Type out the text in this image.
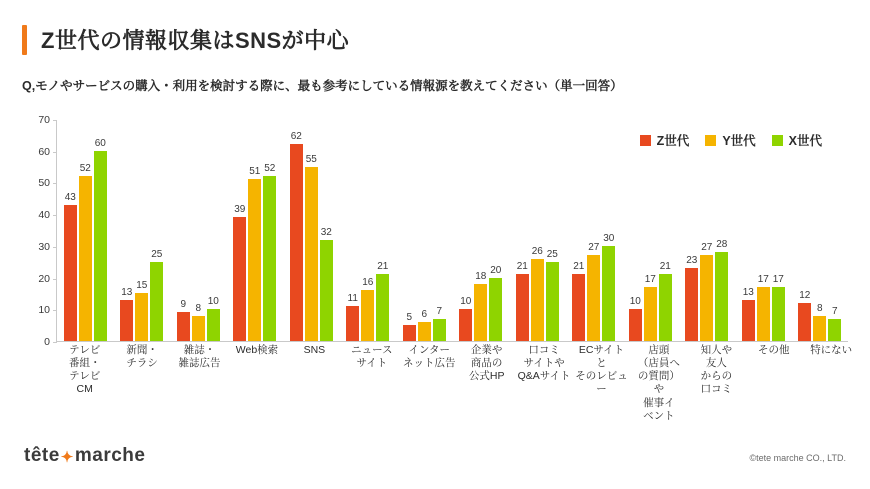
Z世代の情報収集はSNSが中心
Q,モノやサービスの購入・利用を検討する際に、最も参考にしている情報源を教えてください（単一回答）
Z世代	Y世代	X世代
0
10
20
30
40
50
60
70
43
52
60
13
15
25
9 8
10
39
51 52
62
55
32
11
16
21
5 6 7
10
18
20 21
26 25
21
27
30
10
17
21
23
27 28
13
17 17
12
8 7
テレビ
番組・
テレビ
CM
新聞・
チラシ
雑誌・
雑誌広告
Web検索	SNS	ニュース
サイト
インター
ネット広告
企業や
商品の
公式HP
口コミ
サイトや
Q&Aサイト
ECサイトと
そのレビュー
店頭
（店員へ
の質問）
や
催事イ
ベント
知人や
友人
からの
口コミ
その他	特にない
tête ✦ marche	©tete marche CO., LTD.
